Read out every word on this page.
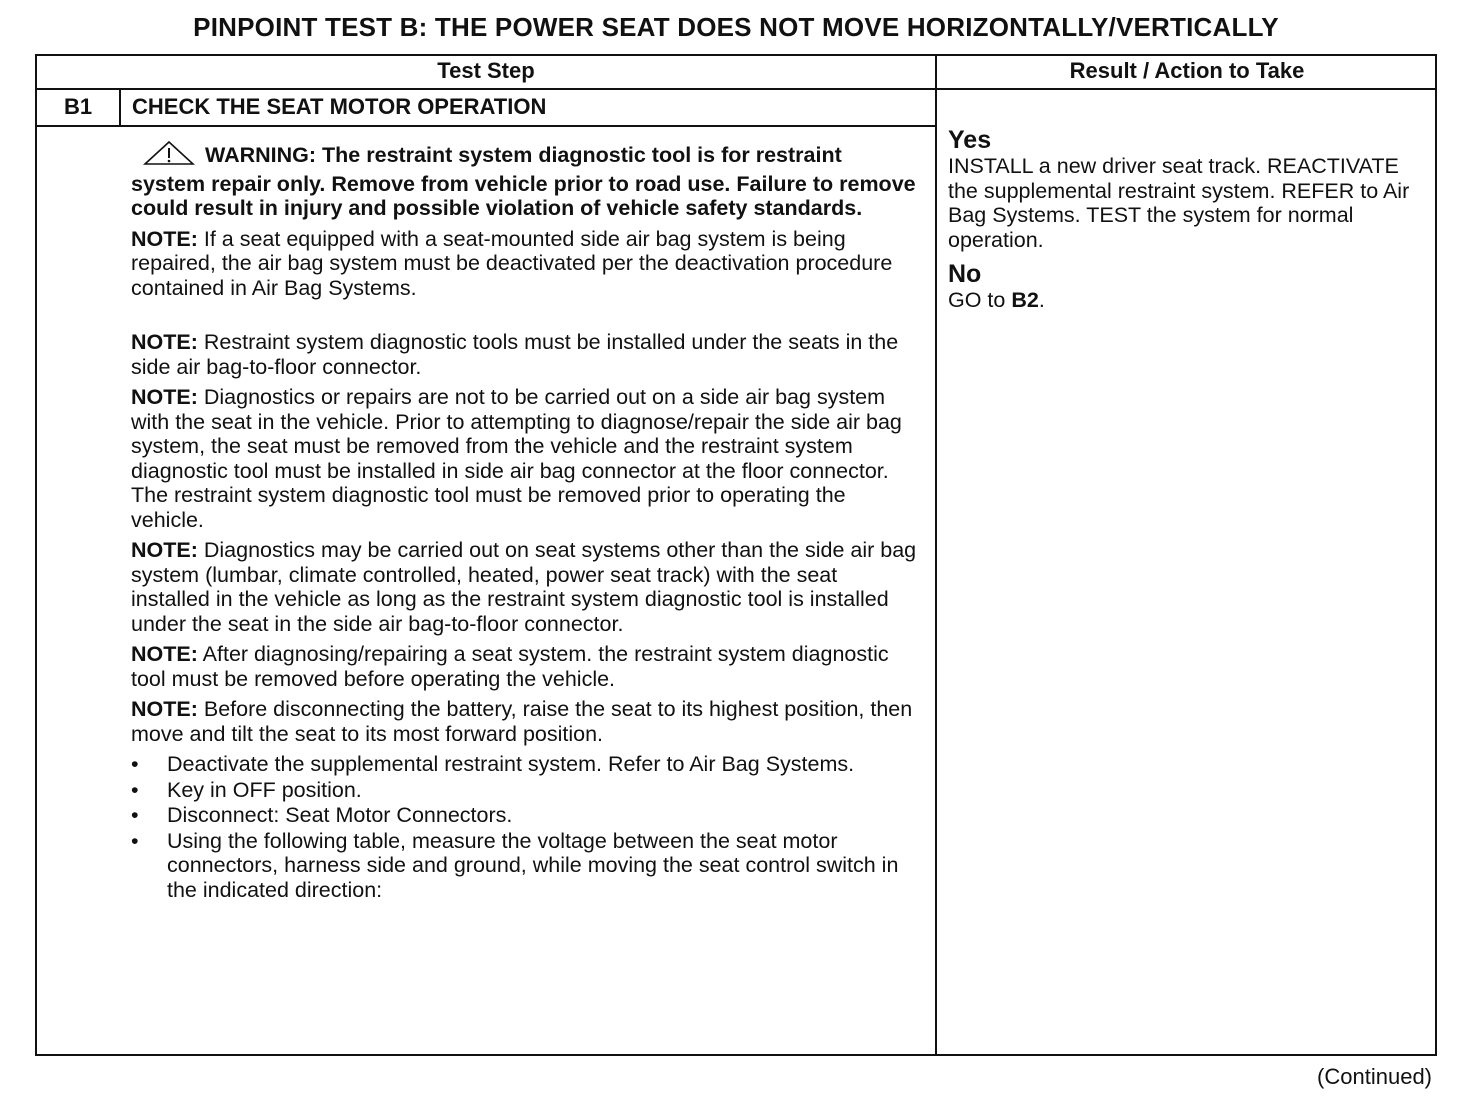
PINPOINT TEST B: THE POWER SEAT DOES NOT MOVE HORIZONTALLY/VERTICALLY
Test Step	Result / Action to Take
B1	CHECK THE SEAT MOTOR OPERATION

WARNING: The restraint system diagnostic tool is for restraint system repair only. Remove from vehicle prior to road use. Failure to remove could result in injury and possible violation of vehicle safety standards.

NOTE: If a seat equipped with a seat-mounted side air bag system is being repaired, the air bag system must be deactivated per the deactivation procedure contained in Air Bag Systems.

NOTE: Restraint system diagnostic tools must be installed under the seats in the side air bag-to-floor connector.

NOTE: Diagnostics or repairs are not to be carried out on a side air bag system with the seat in the vehicle. Prior to attempting to diagnose/repair the side air bag system, the seat must be removed from the vehicle and the restraint system diagnostic tool must be installed in side air bag connector at the floor connector. The restraint system diagnostic tool must be removed prior to operating the vehicle.

NOTE: Diagnostics may be carried out on seat systems other than the side air bag system (lumbar, climate controlled, heated, power seat track) with the seat installed in the vehicle as long as the restraint system diagnostic tool is installed under the seat in the side air bag-to-floor connector.

NOTE: After diagnosing/repairing a seat system. the restraint system diagnostic tool must be removed before operating the vehicle.

NOTE: Before disconnecting the battery, raise the seat to its highest position, then move and tilt the seat to its most forward position.

• Deactivate the supplemental restraint system. Refer to Air Bag Systems.
• Key in OFF position.
• Disconnect: Seat Motor Connectors.
• Using the following table, measure the voltage between the seat motor connectors, harness side and ground, while moving the seat control switch in the indicated direction:
Yes

INSTALL a new driver seat track. REACTIVATE the supplemental restraint system. REFER to Air Bag Systems. TEST the system for normal operation.

No

GO to B2.

(Continued)
